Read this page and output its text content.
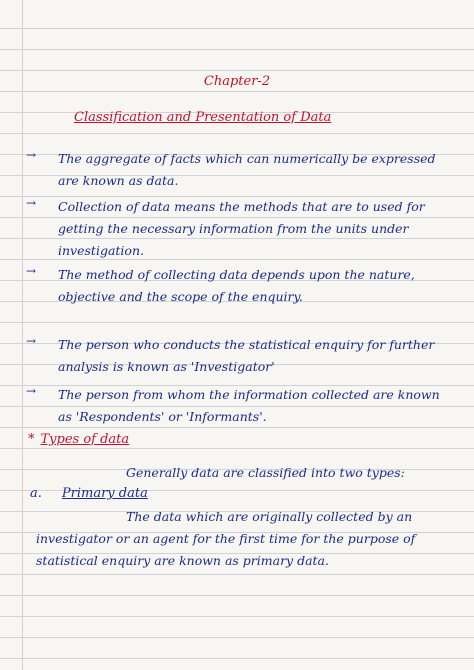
Chapter-2
Classification and Presentation of Data
→ The aggregate of facts which can numerically be expressed are known as data.
→ Collection of data means the methods that are to used for getting the necessary information from the units under investigation.
→ The method of collecting data depends upon the nature, objective and the scope of the enquiry.
→ The person who conducts the statistical enquiry for further analysis is known as 'Investigator'
→ The person from whom the information collected are known as 'Respondents' or 'Informants'.
* Types of data
Generally data are classified into two types:
a. Primary data
The data which are originally collected by an investigator or an agent for the first time for the purpose of statistical enquiry are known as primary data.
